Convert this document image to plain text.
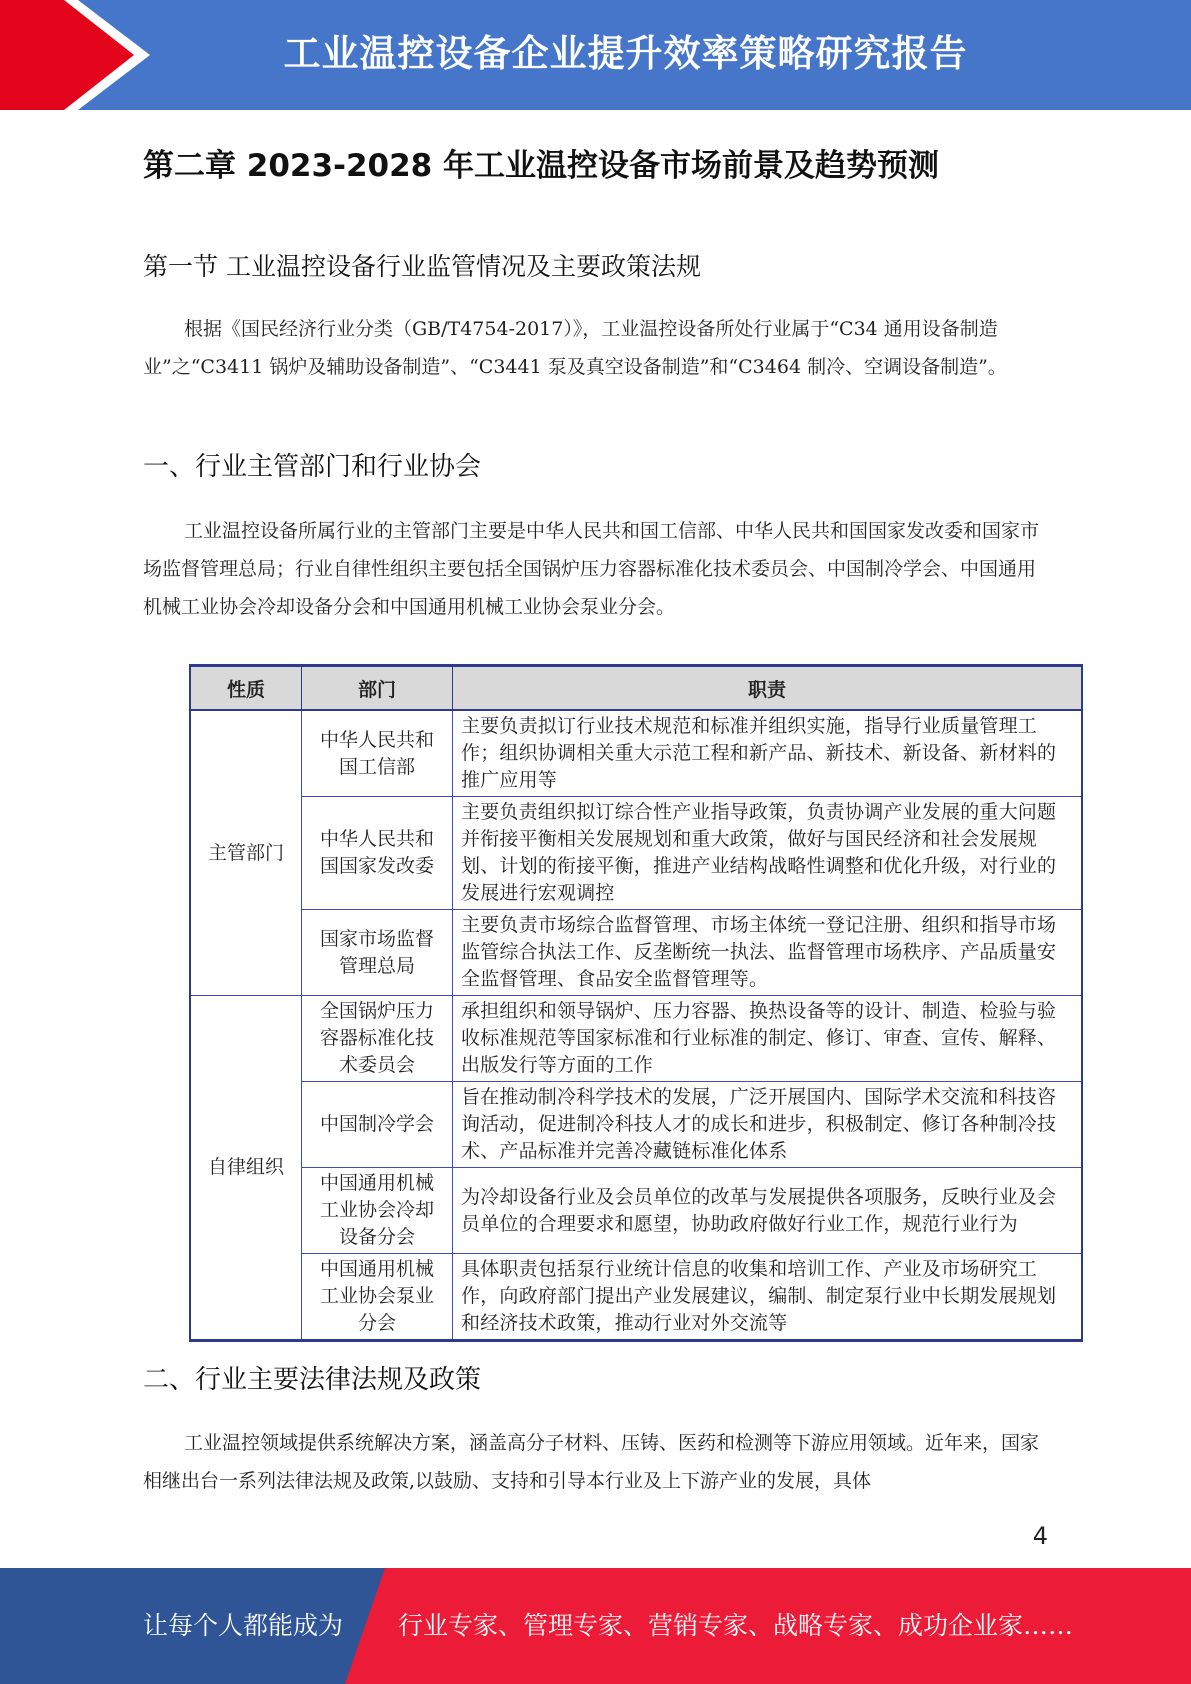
工业温控设备企业提升效率策略研究报告
第二章 2023-2028 年工业温控设备市场前景及趋势预测
第一节 工业温控设备行业监管情况及主要政策法规
根据《国民经济行业分类（GB/T4754-2017）》，工业温控设备所处行业属于“C34 通用设备制造业”之“C3411 锅炉及辅助设备制造”、“C3441 泵及真空设备制造”和“C3464 制冷、空调设备制造”。
一、行业主管部门和行业协会
工业温控设备所属行业的主管部门主要是中华人民共和国工信部、中华人民共和国国家发改委和国家市场监督管理总局；行业自律性组织主要包括全国锅炉压力容器标准化技术委员会、中国制冷学会、中国通用机械工业协会冷却设备分会和中国通用机械工业协会泵业分会。
性质	部门	职责
主管部门	中华人民共和国工信部	主要负责拟订行业技术规范和标准并组织实施，指导行业质量管理工作；组织协调相关重大示范工程和新产品、新技术、新设备、新材料的推广应用等
	中华人民共和国国家发改委	主要负责组织拟订综合性产业指导政策，负责协调产业发展的重大问题并衔接平衡相关发展规划和重大政策，做好与国民经济和社会发展规划、计划的衔接平衡，推进产业结构战略性调整和优化升级，对行业的发展进行宏观调控
	国家市场监督管理总局	主要负责市场综合监督管理、市场主体统一登记注册、组织和指导市场监管综合执法工作、反垄断统一执法、监督管理市场秩序、产品质量安全监督管理、食品安全监督管理等。
自律组织	全国锅炉压力容器标准化技术委员会	承担组织和领导锅炉、压力容器、换热设备等的设计、制造、检验与验收标准规范等国家标准和行业标准的制定、修订、审查、宣传、解释、出版发行等方面的工作
	中国制冷学会	旨在推动制冷科学技术的发展，广泛开展国内、国际学术交流和科技咨询活动，促进制冷科技人才的成长和进步，积极制定、修订各种制冷技术、产品标准并完善冷藏链标准化体系
	中国通用机械工业协会冷却设备分会	为冷却设备行业及会员单位的改革与发展提供各项服务，反映行业及会员单位的合理要求和愿望，协助政府做好行业工作，规范行业行为
	中国通用机械工业协会泵业分会	具体职责包括泵行业统计信息的收集和培训工作、产业及市场研究工作，向政府部门提出产业发展建议，编制、制定泵行业中长期发展规划和经济技术政策，推动行业对外交流等
二、行业主要法律法规及政策
工业温控领域提供系统解决方案，涵盖高分子材料、压铸、医药和检测等下游应用领域。近年来，国家相继出台一系列法律法规及政策,以鼓励、支持和引导本行业及上下游产业的发展，具体
4
让每个人都能成为 行业专家、管理专家、营销专家、战略专家、成功企业家……
